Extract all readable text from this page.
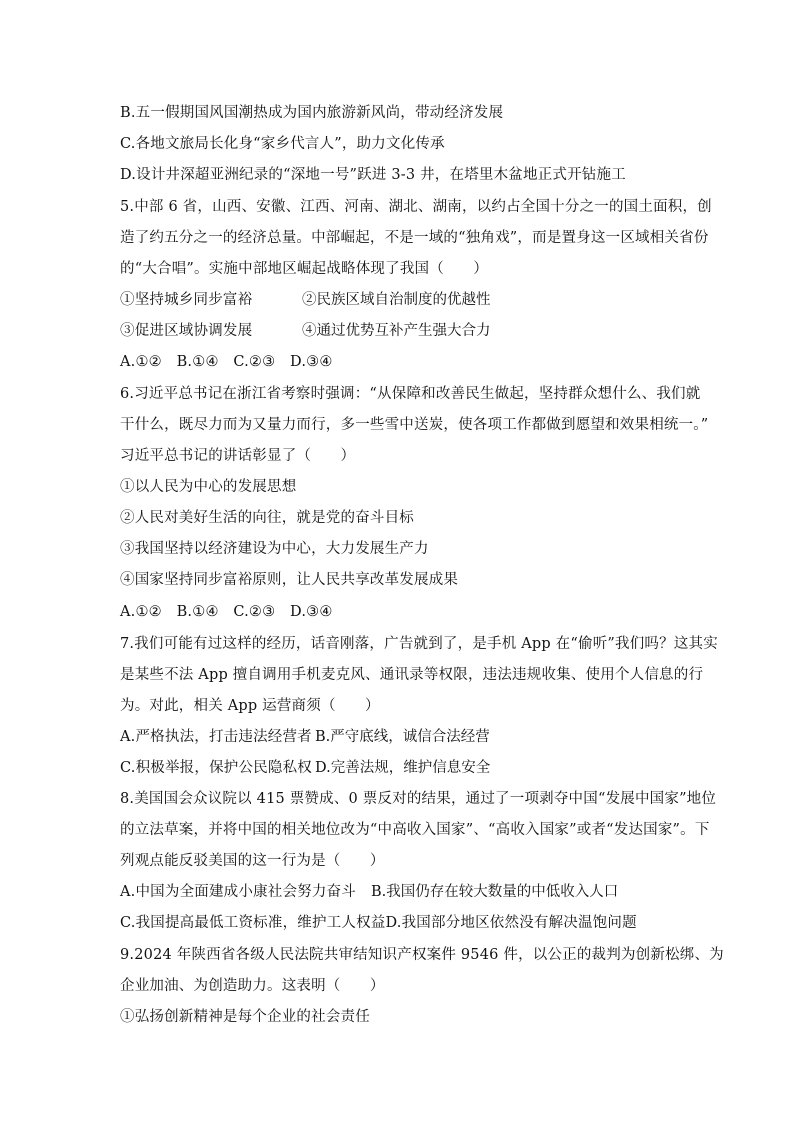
B.五一假期国风国潮热成为国内旅游新风尚，带动经济发展
C.各地文旅局长化身“家乡代言人”，助力文化传承
D.设计井深超亚洲纪录的“深地一号”跃进 3-3 井，在塔里木盆地正式开钻施工
5.中部 6 省，山西、安徽、江西、河南、湖北、湖南，以约占全国十分之一的国土面积，创
造了约五分之一的经济总量。中部崛起，不是一域的“独角戏”，而是置身这一区域相关省份
的“大合唱”。实施中部地区崛起战略体现了我国（　　）
①坚持城乡同步富裕	②民族区域自治制度的优越性
③促进区域协调发展	④通过优势互补产生强大合力
A.①②　B.①④　C.②③　D.③④
6.习近平总书记在浙江省考察时强调：“从保障和改善民生做起，坚持群众想什么、我们就
干什么，既尽力而为又量力而行，多一些雪中送炭，使各项工作都做到愿望和效果相统一。”
习近平总书记的讲话彰显了（　　）
①以人民为中心的发展思想
②人民对美好生活的向往，就是党的奋斗目标
③我国坚持以经济建设为中心，大力发展生产力
④国家坚持同步富裕原则，让人民共享改革发展成果
A.①②　B.①④　C.②③　D.③④
7.我们可能有过这样的经历，话音刚落，广告就到了，是手机 App 在“偷听”我们吗？这其实
是某些不法 App 擅自调用手机麦克风、通讯录等权限，违法违规收集、使用个人信息的行
为。对此，相关 App 运营商须（　　）
A.严格执法，打击违法经营者 B.严守底线，诚信合法经营
C.积极举报，保护公民隐私权 D.完善法规，维护信息安全
8.美国国会众议院以 415 票赞成、0 票反对的结果，通过了一项剥夺中国“发展中国家”地位
的立法草案，并将中国的相关地位改为“中高收入国家”、“高收入国家”或者“发达国家”。下
列观点能反驳美国的这一行为是（　　）
A.中国为全面建成小康社会努力奋斗 B.我国仍存在较大数量的中低收入人口
C.我国提高最低工资标准，维护工人权益D.我国部分地区依然没有解决温饱问题
9.2024 年陕西省各级人民法院共审结知识产权案件 9546 件，以公正的裁判为创新松绑、为
企业加油、为创造助力。这表明（　　）
①弘扬创新精神是每个企业的社会责任
